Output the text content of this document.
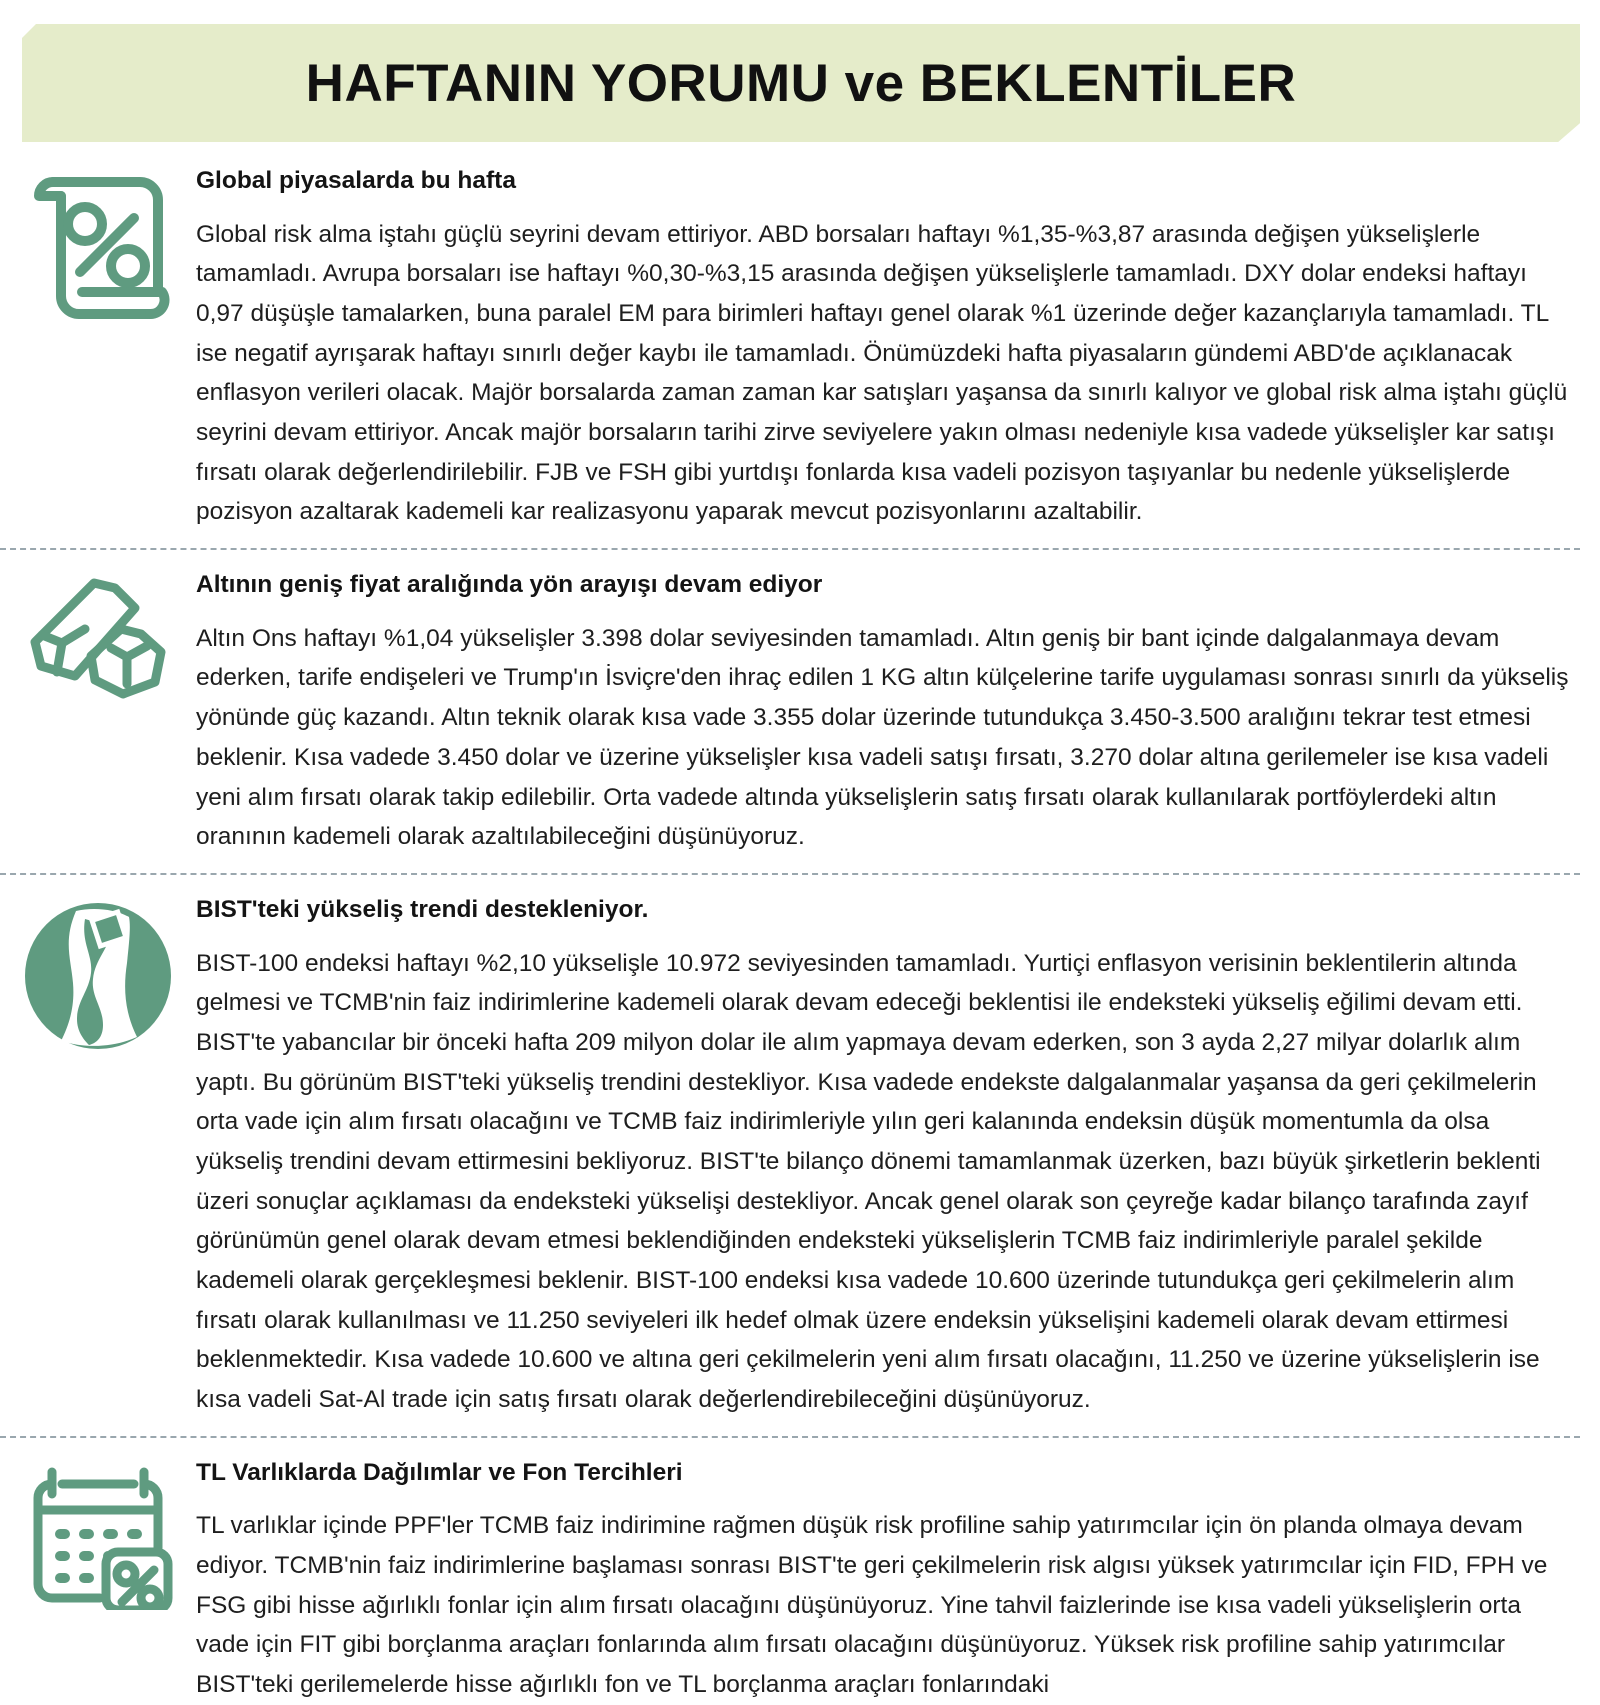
HAFTANIN YORUMU ve BEKLENTİLER
Global piyasalarda bu hafta

Global risk alma iştahı güçlü seyrini devam ettiriyor. ABD borsaları haftayı %1,35-%3,87 arasında değişen yükselişlerle tamamladı. Avrupa borsaları ise haftayı %0,30-%3,15 arasında değişen yükselişlerle tamamladı. DXY dolar endeksi haftayı 0,97 düşüşle tamalarken, buna paralel EM para birimleri haftayı genel olarak %1 üzerinde değer kazançlarıyla tamamladı. TL ise negatif ayrışarak haftayı sınırlı değer kaybı ile tamamladı. Önümüzdeki hafta piyasaların gündemi ABD'de açıklanacak enflasyon verileri olacak. Majör borsalarda zaman zaman kar satışları yaşansa da sınırlı kalıyor ve global risk alma iştahı güçlü seyrini devam ettiriyor. Ancak majör borsaların tarihi zirve seviyelere yakın olması nedeniyle kısa vadede yükselişler kar satışı fırsatı olarak değerlendirilebilir. FJB ve FSH gibi yurtdışı fonlarda kısa vadeli pozisyon taşıyanlar bu nedenle yükselişlerde pozisyon azaltarak kademeli kar realizasyonu yaparak mevcut pozisyonlarını azaltabilir.

Altının geniş fiyat aralığında yön arayışı devam ediyor

Altın Ons haftayı %1,04 yükselişler 3.398 dolar seviyesinden tamamladı. Altın geniş bir bant içinde dalgalanmaya devam ederken, tarife endişeleri ve Trump'ın İsviçre'den ihraç edilen 1 KG altın külçelerine tarife uygulaması sonrası sınırlı da yükseliş yönünde güç kazandı. Altın teknik olarak kısa vade 3.355 dolar üzerinde tutundukça 3.450-3.500 aralığını tekrar test etmesi beklenir. Kısa vadede 3.450 dolar ve üzerine yükselişler kısa vadeli satışı fırsatı, 3.270 dolar altına gerilemeler ise kısa vadeli yeni alım fırsatı olarak takip edilebilir. Orta vadede altında yükselişlerin satış fırsatı olarak kullanılarak portföylerdeki altın oranının kademeli olarak azaltılabileceğini düşünüyoruz.

BIST'teki yükseliş trendi destekleniyor.

BIST-100 endeksi haftayı %2,10 yükselişle 10.972 seviyesinden tamamladı. Yurtiçi enflasyon verisinin beklentilerin altında gelmesi ve TCMB'nin faiz indirimlerine kademeli olarak devam edeceği beklentisi ile endeksteki yükseliş eğilimi devam etti. BIST'te yabancılar bir önceki hafta 209 milyon dolar ile alım yapmaya devam ederken, son 3 ayda 2,27 milyar dolarlık alım yaptı. Bu görünüm BIST'teki yükseliş trendini destekliyor. Kısa vadede endekste dalgalanmalar yaşansa da geri çekilmelerin orta vade için alım fırsatı olacağını ve TCMB faiz indirimleriyle yılın geri kalanında endeksin düşük momentumla da olsa yükseliş trendini devam ettirmesini bekliyoruz. BIST'te bilanço dönemi tamamlanmak üzerken, bazı büyük şirketlerin beklenti üzeri sonuçlar açıklaması da endeksteki yükselişi destekliyor. Ancak genel olarak son çeyreğe kadar bilanço tarafında zayıf görünümün genel olarak devam etmesi beklendiğinden endeksteki yükselişlerin TCMB faiz indirimleriyle paralel şekilde kademeli olarak gerçekleşmesi beklenir. BIST-100 endeksi kısa vadede 10.600 üzerinde tutundukça geri çekilmelerin alım fırsatı olarak kullanılması ve 11.250 seviyeleri ilk hedef olmak üzere endeksin yükselişini kademeli olarak devam ettirmesi beklenmektedir. Kısa vadede 10.600 ve altına geri çekilmelerin yeni alım fırsatı olacağını, 11.250 ve üzerine yükselişlerin ise kısa vadeli Sat-Al trade için satış fırsatı olarak değerlendirebileceğini düşünüyoruz.

TL Varlıklarda Dağılımlar ve Fon Tercihleri

TL varlıklar içinde PPF'ler TCMB faiz indirimine rağmen düşük risk profiline sahip yatırımcılar için ön planda olmaya devam ediyor. TCMB'nin faiz indirimlerine başlaması sonrası BIST'te geri çekilmelerin risk algısı yüksek yatırımcılar için FID, FPH ve FSG gibi hisse ağırlıklı fonlar için alım fırsatı olacağını düşünüyoruz. Yine tahvil faizlerinde ise kısa vadeli yükselişlerin orta vade için FIT gibi borçlanma araçları fonlarında alım fırsatı olacağını düşünüyoruz. Yüksek risk profiline sahip yatırımcılar BIST'teki gerilemelerde hisse ağırlıklı fon ve TL borçlanma araçları fonlarındaki
